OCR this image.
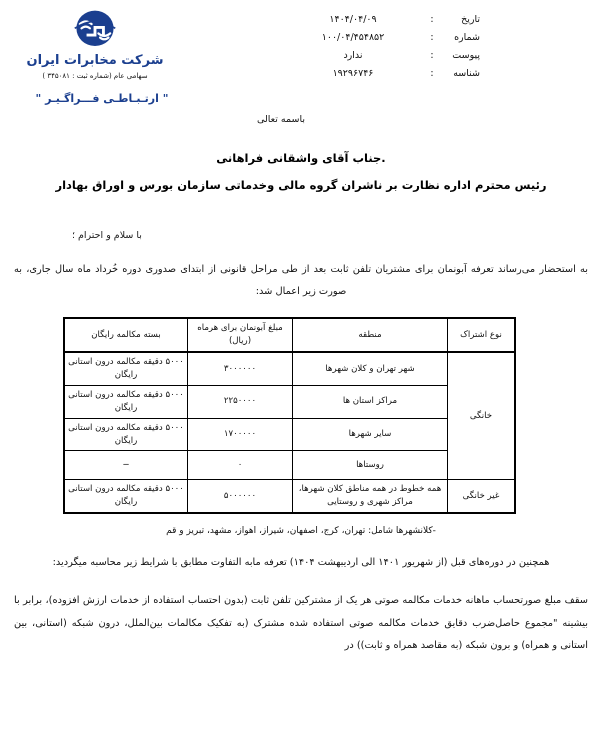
تاریخ
:
۱۴۰۴/۰۴/۰۹
شماره
:
۱۰۰/۰۴/۴۵۴۸۵۲
پیوست
:
ندارد
شناسه
:
۱۹۲۹۶۷۴۶
شرکت مخابرات ایران
سهامی عام (شماره ثبت : ۳۴۵۰۸۱ )
" ارتـبـاطـی فـــراگـیـر "
باسمه تعالی
.جناب آقای واشقانی فراهانی
رئیس محترم اداره نظارت بر ناشران گروه مالی وخدماتی سازمان بورس و اوراق بهادار
با سلام و احترام ؛
به استحضار می‌رساند تعرفه آبونمان برای مشتریان تلفن ثابت بعد از طی مراحل قانونی از ابتدای صدوری دوره خُرداد ماه سال جاری، به صورت زیر اعمال شد:
نوع اشتراک	منطقه	مبلغ آبونمان برای هرماه (ریال)	بسته مکالمه رایگان
خانگی	شهر تهران و کلان شهرها	۳۰۰۰۰۰۰	۵۰۰۰ دقیقه مکالمه درون استانی رایگان
	مراکز استان ها	۲۲۵۰۰۰۰	۵۰۰۰ دقیقه مکالمه درون استانی رایگان
	سایر شهرها	۱۷۰۰۰۰۰	۵۰۰۰ دقیقه مکالمه درون استانی رایگان
	روستاها	۰	−
غیر خانگی	همه خطوط در همه مناطق کلان شهرها، مراکز شهری و روستایی	۵۰۰۰۰۰۰	۵۰۰۰ دقیقه مکالمه درون استانی رایگان
-کلانشهرها شامل: تهران، کرج، اصفهان، شیراز، اهواز، مشهد، تبریز و قم
همچنین در دوره‌های قبل (از شهریور ۱۴۰۱ الی اردیبهشت ۱۴۰۴) تعرفه مابه التفاوت مطابق با شرایط زیر محاسبه میگردید:
سقف مبلغ صورتحساب ماهانه خدمات مکالمه صوتی هر یک از مشترکین تلفن ثابت (بدون احتساب استفاده از خدمات ارزش افزوده)، برابر با بیشینه "مجموع حاصل‌ضرب دقایق خدمات مکالمه صوتی استفاده شده مشترک (به تفکیک مکالمات بین‌الملل، درون شبکه (استانی، بین استانی و همراه) و برون شبکه (به مقاصد همراه و ثابت)) در
